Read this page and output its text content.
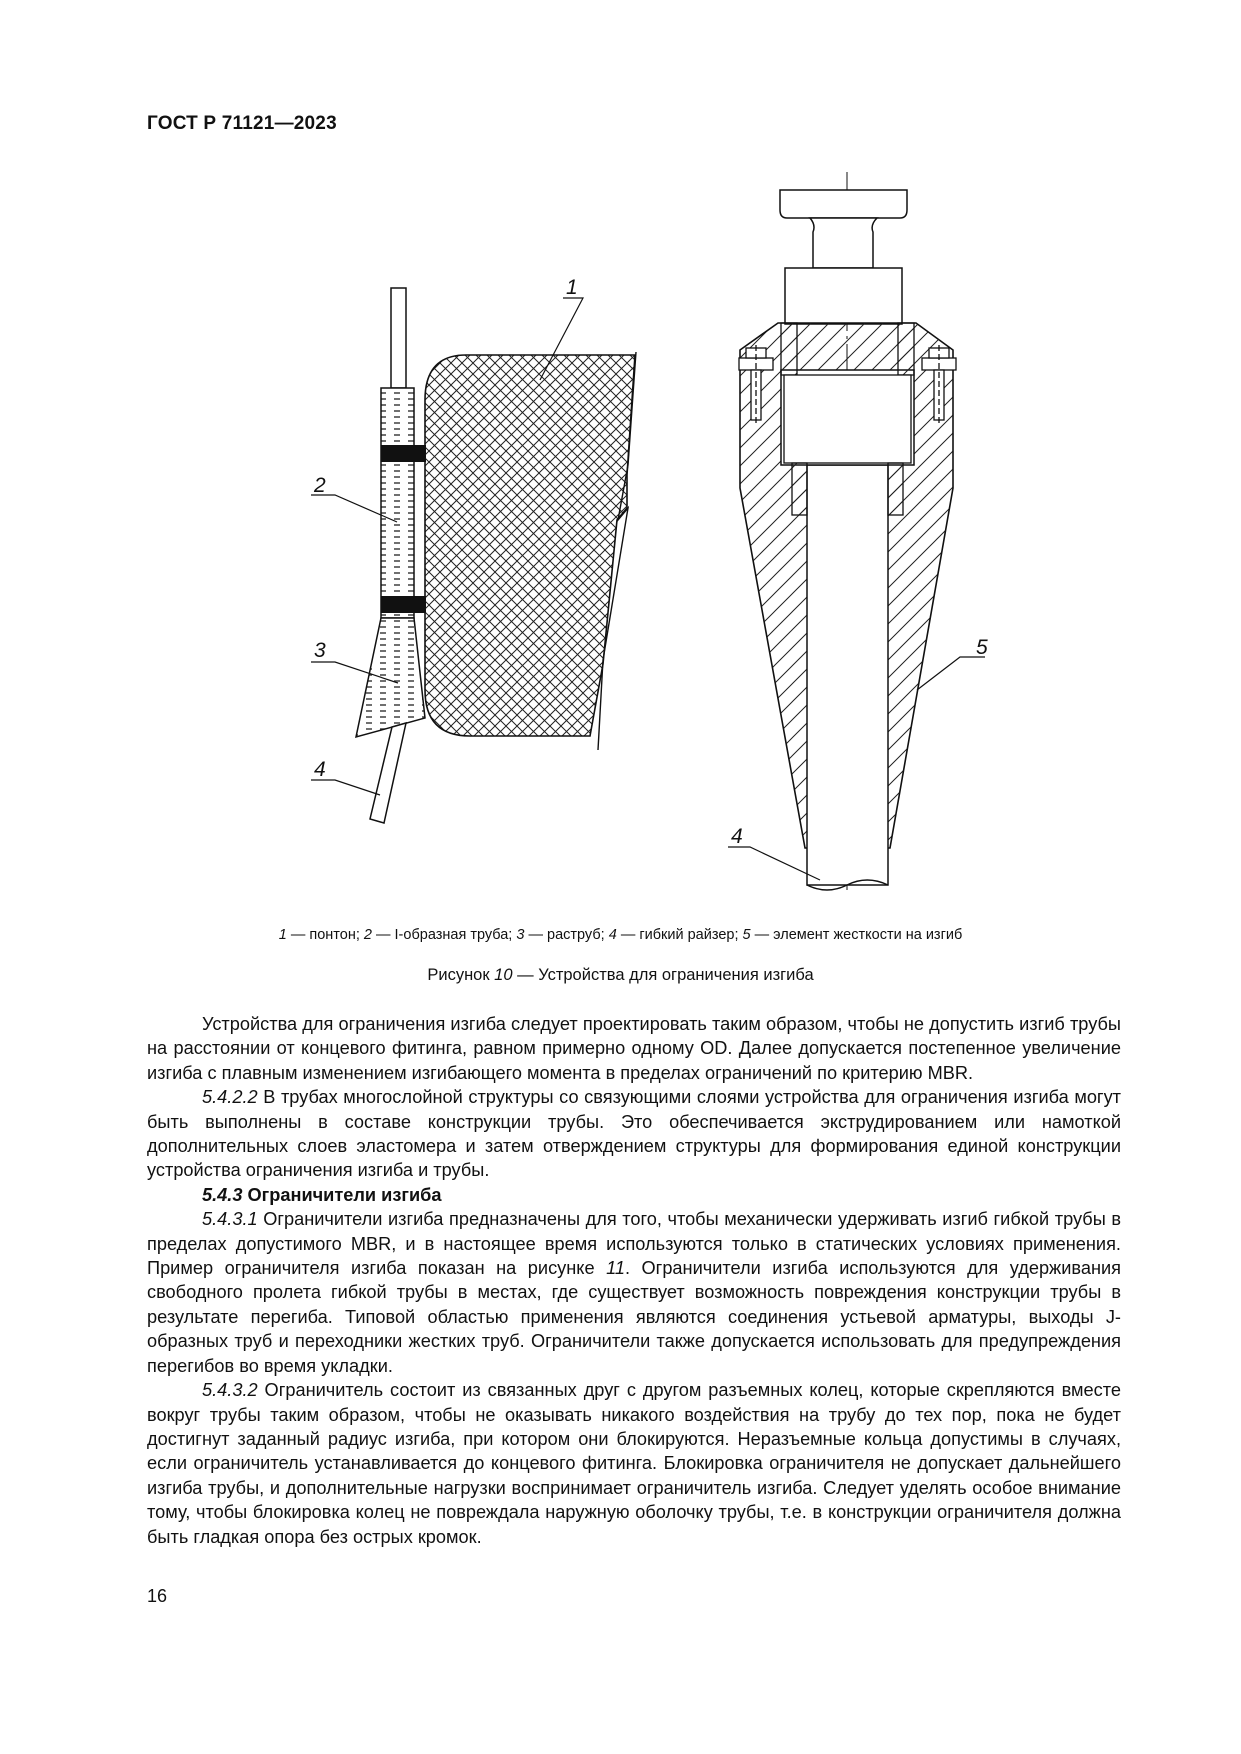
ГОСТ Р 71121—2023
1
2
3
4
5
4
1 — понтон; 2 — I-образная труба; 3 — раструб; 4 — гибкий райзер; 5 — элемент жесткости на изгиб
Рисунок 10 — Устройства для ограничения изгиба

Устройства для ограничения изгиба следует проектировать таким образом, чтобы не допустить изгиб трубы на расстоянии от концевого фитинга, равном примерно одному OD. Далее допускается постепенное увеличение изгиба с плавным изменением изгибающего момента в пределах ограничений по критерию MBR.

5.4.2.2 В трубах многослойной структуры со связующими слоями устройства для ограничения изгиба могут быть выполнены в составе конструкции трубы. Это обеспечивается экструдированием или намоткой дополнительных слоев эластомера и затем отверждением структуры для формирования единой конструкции устройства ограничения изгиба и трубы.

5.4.3 Ограничители изгиба

5.4.3.1 Ограничители изгиба предназначены для того, чтобы механически удерживать изгиб гибкой трубы в пределах допустимого MBR, и в настоящее время используются только в статических условиях применения. Пример ограничителя изгиба показан на рисунке 11. Ограничители изгиба используются для удерживания свободного пролета гибкой трубы в местах, где существует возможность повреждения конструкции трубы в результате перегиба. Типовой областью применения являются соединения устьевой арматуры, выходы J-образных труб и переходники жестких труб. Ограничители также допускается использовать для предупреждения перегибов во время укладки.

5.4.3.2 Ограничитель состоит из связанных друг с другом разъемных колец, которые скрепляются вместе вокруг трубы таким образом, чтобы не оказывать никакого воздействия на трубу до тех пор, пока не будет достигнут заданный радиус изгиба, при котором они блокируются. Неразъемные кольца допустимы в случаях, если ограничитель устанавливается до концевого фитинга. Блокировка ограничителя не допускает дальнейшего изгиба трубы, и дополнительные нагрузки воспринимает ограничитель изгиба. Следует уделять особое внимание тому, чтобы блокировка колец не повреждала наружную оболочку трубы, т.е. в конструкции ограничителя должна быть гладкая опора без острых кромок.

16
